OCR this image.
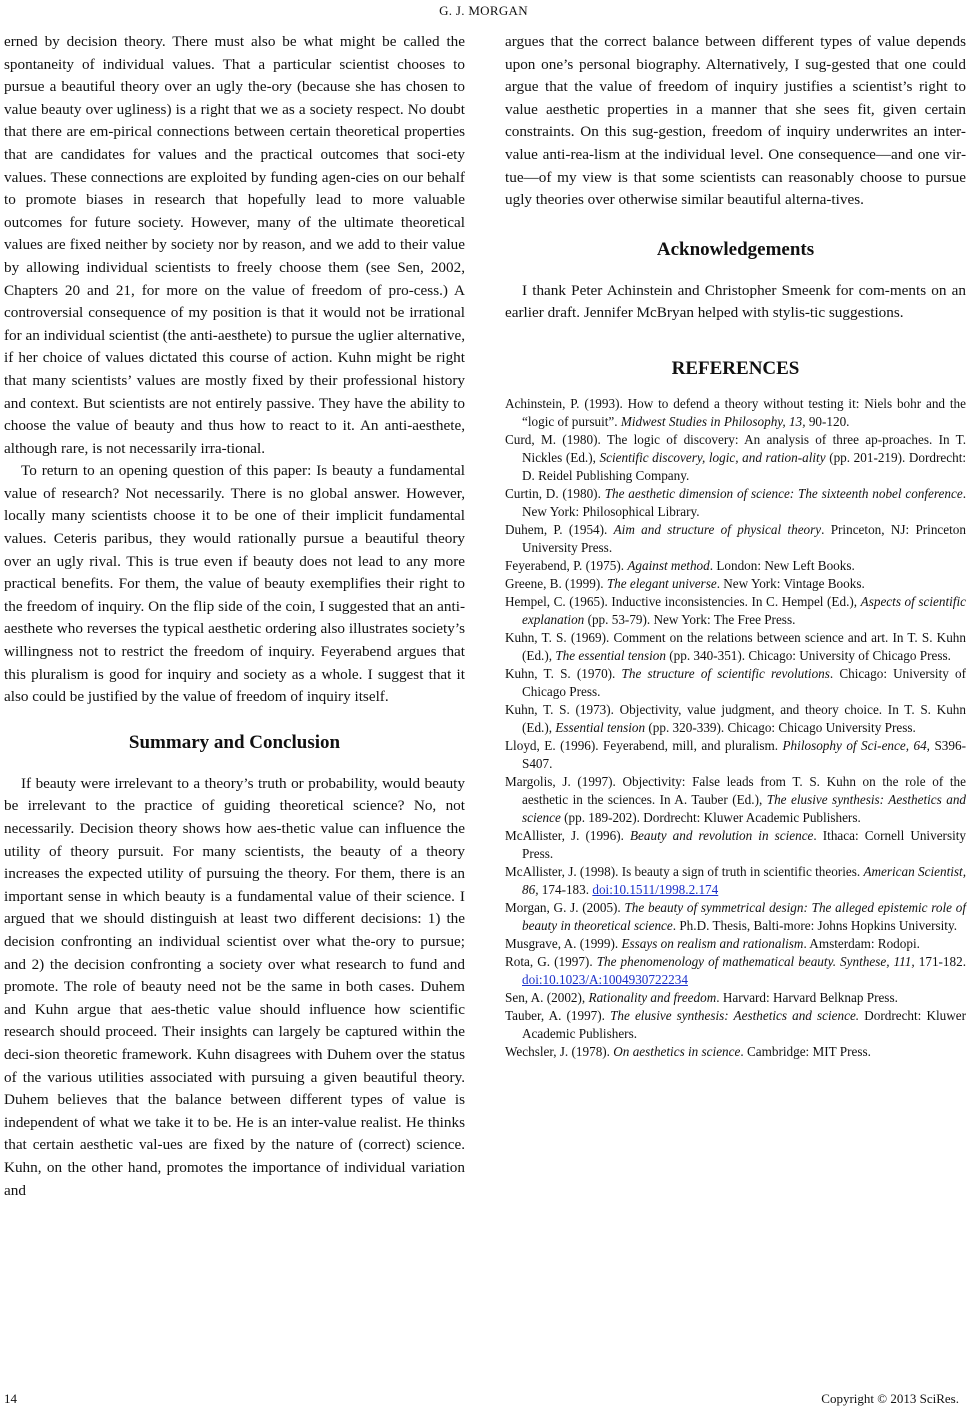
G. J. MORGAN

erned by decision theory. There must also be what might be called the spontaneity of individual values. That a particular scientist chooses to pursue a beautiful theory over an ugly the-ory (because she has chosen to value beauty over ugliness) is a right that we as a society respect. No doubt that there are em-pirical connections between certain theoretical properties that are candidates for values and the practical outcomes that soci-ety values. These connections are exploited by funding agen-cies on our behalf to promote biases in research that hopefully lead to more valuable outcomes for future society. However, many of the ultimate theoretical values are fixed neither by society nor by reason, and we add to their value by allowing individual scientists to freely choose them (see Sen, 2002, Chapters 20 and 21, for more on the value of freedom of pro-cess.) A controversial consequence of my position is that it would not be irrational for an individual scientist (the anti-aesthete) to pursue the uglier alternative, if her choice of values dictated this course of action. Kuhn might be right that many scientists’ values are mostly fixed by their professional history and context. But scientists are not entirely passive. They have the ability to choose the value of beauty and thus how to react to it. An anti-aesthete, although rare, is not necessarily irra-tional.

To return to an opening question of this paper: Is beauty a fundamental value of research? Not necessarily. There is no global answer. However, locally many scientists choose it to be one of their implicit fundamental values. Ceteris paribus, they would rationally pursue a beautiful theory over an ugly rival. This is true even if beauty does not lead to any more practical benefits. For them, the value of beauty exemplifies their right to the freedom of inquiry. On the flip side of the coin, I suggested that an anti-aesthete who reverses the typical aesthetic ordering also illustrates society’s willingness not to restrict the freedom of inquiry. Feyerabend argues that this pluralism is good for inquiry and society as a whole. I suggest that it also could be justified by the value of freedom of inquiry itself.

Summary and Conclusion

If beauty were irrelevant to a theory’s truth or probability, would beauty be irrelevant to the practice of guiding theoretical science? No, not necessarily. Decision theory shows how aes-thetic value can influence the utility of theory pursuit. For many scientists, the beauty of a theory increases the expected utility of pursuing the theory. For them, there is an important sense in which beauty is a fundamental value of their science. I argued that we should distinguish at least two different decisions: 1) the decision confronting an individual scientist over what the-ory to pursue; and 2) the decision confronting a society over what research to fund and promote. The role of beauty need not be the same in both cases. Duhem and Kuhn argue that aes-thetic value should influence how scientific research should proceed. Their insights can largely be captured within the deci-sion theoretic framework. Kuhn disagrees with Duhem over the status of the various utilities associated with pursuing a given beautiful theory. Duhem believes that the balance between different types of value is independent of what we take it to be. He is an inter-value realist. He thinks that certain aesthetic val-ues are fixed by the nature of (correct) science. Kuhn, on the other hand, promotes the importance of individual variation and

argues that the correct balance between different types of value depends upon one’s personal biography. Alternatively, I sug-gested that one could argue that the value of freedom of inquiry justifies a scientist’s right to value aesthetic properties in a manner that she sees fit, given certain constraints. On this sug-gestion, freedom of inquiry underwrites an inter-value anti-rea-lism at the individual level. One consequence—and one vir-tue—of my view is that some scientists can reasonably choose to pursue ugly theories over otherwise similar beautiful alterna-tives.

Acknowledgements

I thank Peter Achinstein and Christopher Smeenk for com-ments on an earlier draft. Jennifer McBryan helped with stylis-tic suggestions.

REFERENCES

Achinstein, P. (1993). How to defend a theory without testing it: Niels bohr and the “logic of pursuit”. Midwest Studies in Philosophy, 13, 90-120.

Curd, M. (1980). The logic of discovery: An analysis of three ap-proaches. In T. Nickles (Ed.), Scientific discovery, logic, and ration-ality (pp. 201-219). Dordrecht: D. Reidel Publishing Company.

Curtin, D. (1980). The aesthetic dimension of science: The sixteenth nobel conference. New York: Philosophical Library.

Duhem, P. (1954). Aim and structure of physical theory. Princeton, NJ: Princeton University Press.

Feyerabend, P. (1975). Against method. London: New Left Books.

Greene, B. (1999). The elegant universe. New York: Vintage Books.

Hempel, C. (1965). Inductive inconsistencies. In C. Hempel (Ed.), Aspects of scientific explanation (pp. 53-79). New York: The Free Press.

Kuhn, T. S. (1969). Comment on the relations between science and art. In T. S. Kuhn (Ed.), The essential tension (pp. 340-351). Chicago: University of Chicago Press.

Kuhn, T. S. (1970). The structure of scientific revolutions. Chicago: University of Chicago Press.

Kuhn, T. S. (1973). Objectivity, value judgment, and theory choice. In T. S. Kuhn (Ed.), Essential tension (pp. 320-339). Chicago: Chicago University Press.

Lloyd, E. (1996). Feyerabend, mill, and pluralism. Philosophy of Sci-ence, 64, S396-S407.

Margolis, J. (1997). Objectivity: False leads from T. S. Kuhn on the role of the aesthetic in the sciences. In A. Tauber (Ed.), The elusive synthesis: Aesthetics and science (pp. 189-202). Dordrecht: Kluwer Academic Publishers.

McAllister, J. (1996). Beauty and revolution in science. Ithaca: Cornell University Press.

McAllister, J. (1998). Is beauty a sign of truth in scientific theories. American Scientist, 86, 174-183. doi:10.1511/1998.2.174

Morgan, G. J. (2005). The beauty of symmetrical design: The alleged epistemic role of beauty in theoretical science. Ph.D. Thesis, Balti-more: Johns Hopkins University.

Musgrave, A. (1999). Essays on realism and rationalism. Amsterdam: Rodopi.

Rota, G. (1997). The phenomenology of mathematical beauty. Synthese, 111, 171-182. doi:10.1023/A:1004930722234

Sen, A. (2002), Rationality and freedom. Harvard: Harvard Belknap Press.

Tauber, A. (1997). The elusive synthesis: Aesthetics and science. Dordrecht: Kluwer Academic Publishers.

Wechsler, J. (1978). On aesthetics in science. Cambridge: MIT Press.

14	Copyright © 2013 SciRes.
